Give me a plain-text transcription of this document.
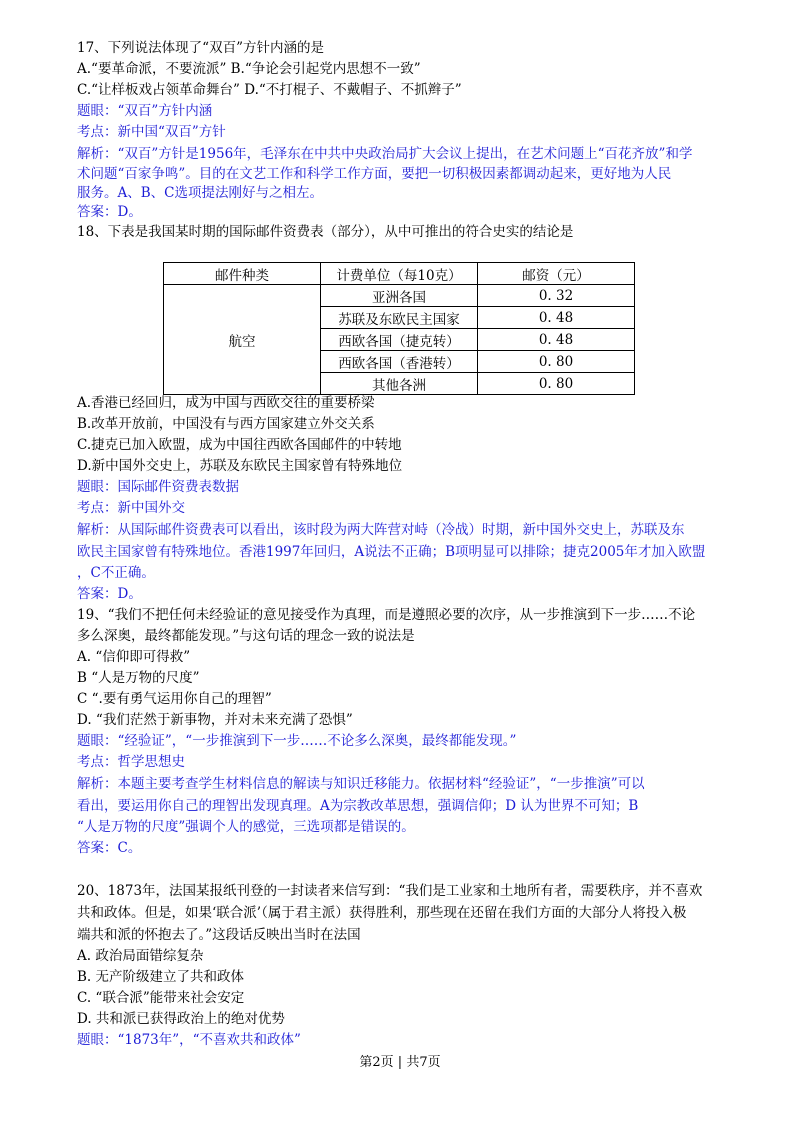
17、下列说法体现了“双百”方针内涵的是
A.“要革命派，不要流派” B.“争论会引起党内思想不一致”
C.“让样板戏占领革命舞台” D.“不打棍子、不戴帽子、不抓辫子”
题眼：“双百”方针内涵
考点：新中国“双百”方针
解析：“双百”方针是1956年，毛泽东在中共中央政治局扩大会议上提出，在艺术问题上“百花齐放”和学
术问题“百家争鸣”。目的在文艺工作和科学工作方面，要把一切积极因素都调动起来，更好地为人民
服务。A、B、C选项提法刚好与之相左。
答案：D。
18、下表是我国某时期的国际邮件资费表（部分），从中可推出的符合史实的结论是
邮件种类	计费单位（每10克）	邮资（元）
航空	亚洲各国	0. 32
	苏联及东欧民主国家	0. 48
	西欧各国（捷克转）	0. 48
	西欧各国（香港转）	0. 80
	其他各洲	0. 80
A.香港已经回归，成为中国与西欧交往的重要桥梁
B.改革开放前，中国没有与西方国家建立外交关系
C.捷克已加入欧盟，成为中国往西欧各国邮件的中转地
D.新中国外交史上，苏联及东欧民主国家曾有特殊地位
题眼：国际邮件资费表数据
考点：新中国外交
解析：从国际邮件资费表可以看出，该时段为两大阵营对峙（冷战）时期，新中国外交史上，苏联及东
欧民主国家曾有特殊地位。香港1997年回归，A说法不正确；B项明显可以排除；捷克2005年才加入欧盟
，C不正确。
答案：D。
19、“我们不把任何未经验证的意见接受作为真理，而是遵照必要的次序，从一步推演到下一步……不论
多么深奥，最终都能发现。”与这句话的理念一致的说法是
A. “信仰即可得救”
B “人是万物的尺度”
C “.要有勇气运用你自己的理智”
D. “我们茫然于新事物，并对未来充满了恐惧”
题眼：“经验证”，“一步推演到下一步……不论多么深奥，最终都能发现。”
考点：哲学思想史
解析：本题主要考查学生材料信息的解读与知识迁移能力。依据材料“经验证”，“一步推演”可以
看出，要运用你自己的理智出发现真理。A为宗教改革思想，强调信仰；D 认为世界不可知；B
“人是万物的尺度”强调个人的感觉，三选项都是错误的。
答案：C。
20、1873年，法国某报纸刊登的一封读者来信写到：“我们是工业家和土地所有者，需要秩序，并不喜欢
共和政体。但是，如果‘联合派’（属于君主派）获得胜利，那些现在还留在我们方面的大部分人将投入极
端共和派的怀抱去了。”这段话反映出当时在法国
A. 政治局面错综复杂
B. 无产阶级建立了共和政体
C. “联合派”能带来社会安定
D. 共和派已获得政治上的绝对优势
题眼：“1873年”，“不喜欢共和政体”
第2页 | 共7页
